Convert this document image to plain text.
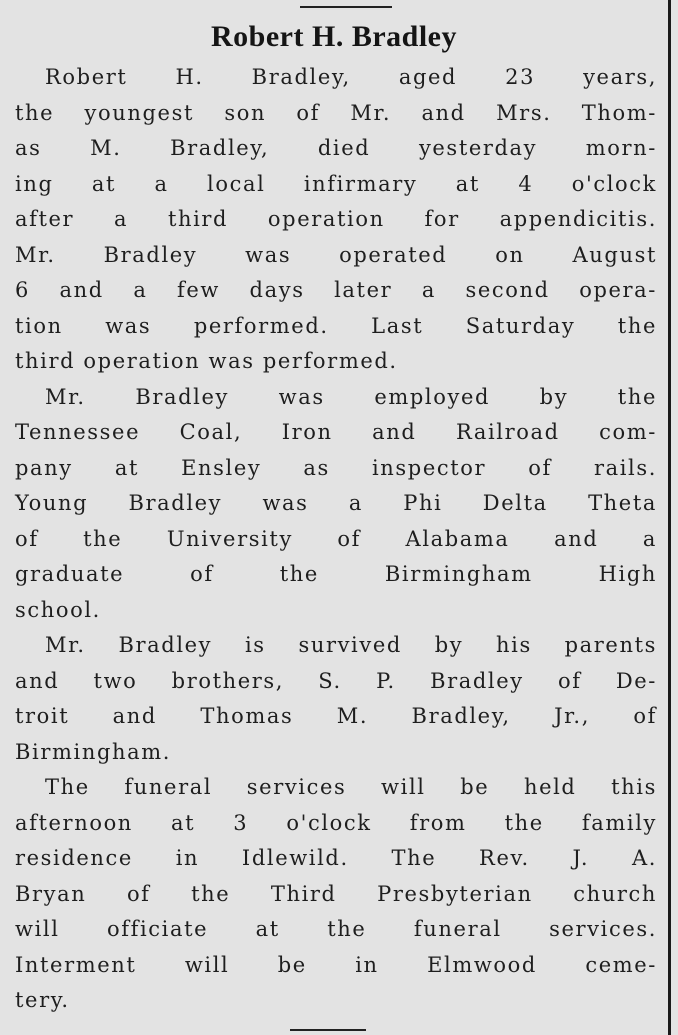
Robert H. Bradley
Robert H. Bradley, aged 23 years,
the youngest son of Mr. and Mrs. Thom-
as M. Bradley, died yesterday morn-
ing at a local infirmary at 4 o'clock
after a third operation for appendicitis.
Mr. Bradley was operated on August
6 and a few days later a second opera-
tion was performed. Last Saturday the
third operation was performed.
Mr. Bradley was employed by the
Tennessee Coal, Iron and Railroad com-
pany at Ensley as inspector of rails.
Young Bradley was a Phi Delta Theta
of the University of Alabama and a
graduate of the Birmingham High
school.
Mr. Bradley is survived by his parents
and two brothers, S. P. Bradley of De-
troit and Thomas M. Bradley, Jr., of
Birmingham.
The funeral services will be held this
afternoon at 3 o'clock from the family
residence in Idlewild. The Rev. J. A.
Bryan of the Third Presbyterian church
will officiate at the funeral services.
Interment will be in Elmwood ceme-
tery.
